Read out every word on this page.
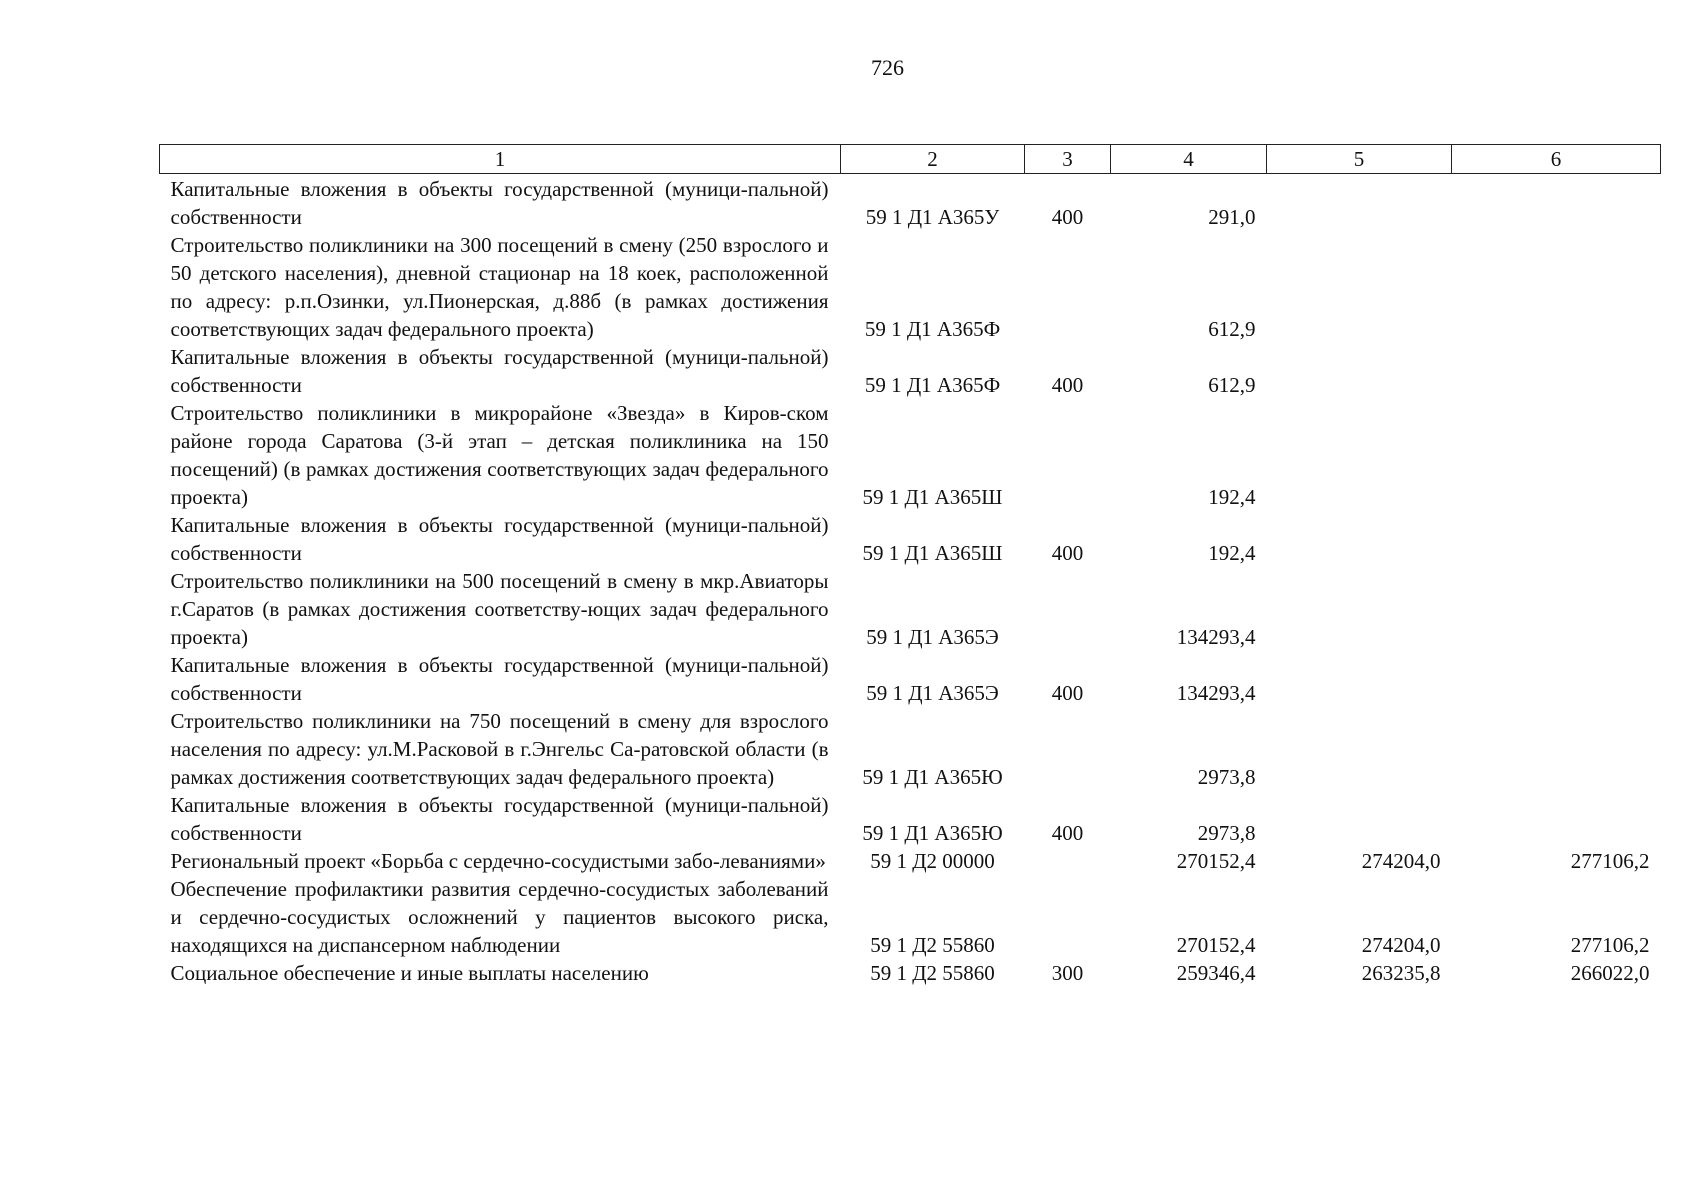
726
1	2	3	4	5	6
Капитальные вложения в объекты государственной (муници-пальной) собственности	59 1 Д1 А365У	400	291,0		
Строительство поликлиники на 300 посещений в смену (250 взрослого и 50 детского населения), дневной стационар на 18 коек, расположенной по адресу: р.п.Озинки, ул.Пионерская, д.88б (в рамках достижения соответствующих задач федерального проекта)	59 1 Д1 А365Ф		612,9		
Капитальные вложения в объекты государственной (муници-пальной) собственности	59 1 Д1 А365Ф	400	612,9		
Строительство поликлиники в микрорайоне «Звезда» в Киров-ском районе города Саратова (3-й этап – детская поликлиника на 150 посещений) (в рамках достижения соответствующих задач федерального проекта)	59 1 Д1 А365Ш		192,4		
Капитальные вложения в объекты государственной (муници-пальной) собственности	59 1 Д1 А365Ш	400	192,4		
Строительство поликлиники на 500 посещений в смену в мкр.Авиаторы г.Саратов (в рамках достижения соответству-ющих задач федерального проекта)	59 1 Д1 А365Э		134293,4		
Капитальные вложения в объекты государственной (муници-пальной) собственности	59 1 Д1 А365Э	400	134293,4		
Строительство поликлиники на 750 посещений в смену для взрослого населения по адресу: ул.М.Расковой в г.Энгельс Са-ратовской области (в рамках достижения соответствующих задач федерального проекта)	59 1 Д1 А365Ю		2973,8		
Капитальные вложения в объекты государственной (муници-пальной) собственности	59 1 Д1 А365Ю	400	2973,8		
Региональный проект «Борьба с сердечно-сосудистыми забо-леваниями»	59 1 Д2 00000		270152,4	274204,0	277106,2
Обеспечение профилактики развития сердечно-сосудистых заболеваний и сердечно-сосудистых осложнений у пациентов высокого риска, находящихся на диспансерном наблюдении	59 1 Д2 55860		270152,4	274204,0	277106,2
Социальное обеспечение и иные выплаты населению	59 1 Д2 55860	300	259346,4	263235,8	266022,0
